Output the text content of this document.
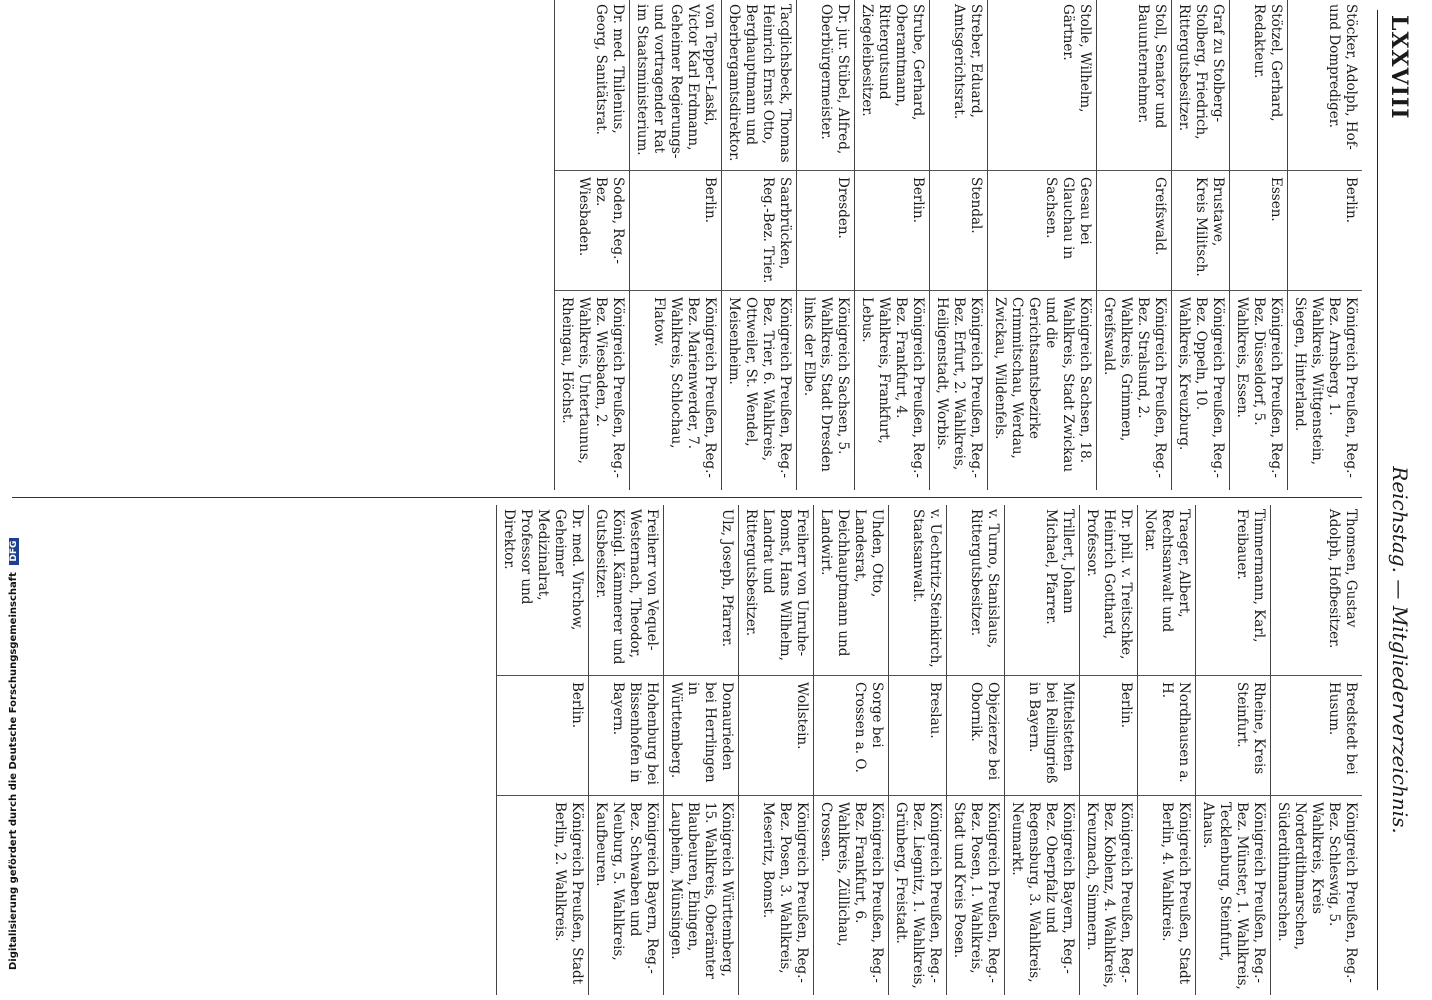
LXXVIII
Reichstag. — Mitgliederverzeichnis.
Stöcker, Adolph, Hof- und Domprediger.
Berlin.
Königreich Preußen, Reg.-Bez. Arnsberg, 1. Wahlkreis, Wittgenstein, Siegen, Hinterland.
Stötzel, Gerhard, Redakteur.
Essen.
Königreich Preußen, Reg.-Bez. Düsseldorf, 5. Wahlkreis, Essen.
Graf zu Stolberg-Stolberg, Friedrich, Rittergutsbesitzer.
Brustawe, Kreis Militsch.
Königreich Preußen, Reg.-Bez. Oppeln, 10. Wahlkreis, Kreuzburg.
Stoll, Senator und Bauunternehmer.
Greifswald.
Königreich Preußen, Reg.-Bez. Stralsund, 2. Wahlkreis, Grimmen, Greifswald.
Stolle, Wilhelm, Gärtner.
Gesau bei Glauchau in Sachsen.
Königreich Sachsen, 18. Wahlkreis, Stadt Zwickau und die Gerichtsamtsbezirke Crimmitschau, Werdau, Zwickau, Wildenfels.
Streber, Eduard, Amtsgerichtsrat.
Stendal.
Königreich Preußen, Reg.-Bez. Erfurt, 2. Wahlkreis, Heiligenstadt, Worbis.
Strube, Gerhard, Oberamtmann, Rittergutsund Ziegeleibesitzer.
Berlin.
Königreich Preußen, Reg.-Bez. Frankfurt, 4. Wahlkreis, Frankfurt, Lebus.
Dr. jur. Stübel, Alfred, Oberbürgermeister.
Dresden.
Königreich Sachsen, 5. Wahlkreis, Stadt Dresden links der Elbe.
Tacglichsbeck, Thomas Heinrich Ernst Otto, Berghauptmann und Oberbergamtsdirektor.
Saarbrücken, Reg.-Bez. Trier.
Königreich Preußen, Reg.-Bez. Trier, 6. Wahlkreis, Ottweiler, St. Wendel, Meisenheim.
von Tepper-Laski, Victor Karl Erdmann, Geheimer Regierungs- und vortragender Rat im Staatsministerium.
Berlin.
Königreich Preußen, Reg.-Bez. Marienwerder, 7. Wahlkreis, Schlochau, Flatow.
Dr. med. Thilenius, Georg, Sanitätsrat.
Soden, Reg.-Bez. Wiesbaden.
Königreich Preußen, Reg.-Bez. Wiesbaden, 2. Wahlkreis, Untertaunus, Rheingau, Höchst.
Thomsen, Gustav Adolph, Hofbesitzer.
Bredstedt bei Husum.
Königreich Preußen, Reg.-Bez. Schleswig, 5. Wahlkreis, Kreis Norderdithmarschen, Süderdithmarschen.
Timmermann, Karl, Freibauer.
Rheine, Kreis Steinfurt.
Königreich Preußen, Reg.-Bez. Münster, 1. Wahlkreis, Tecklenburg, Steinfurt, Ahaus.
Traeger, Albert, Rechtsanwalt und Notar.
Nordhausen a. H.
Königreich Preußen, Stadt Berlin, 4. Wahlkreis.
Dr. phil. v. Treitschke, Heinrich Gotthard, Professor.
Berlin.
Königreich Preußen, Reg.-Bez. Koblenz, 4. Wahlkreis, Kreuznach, Simmern.
Trillert, Johann Michael, Pfarrer.
Mittelstetten bei Reilingrieß in Bayern.
Königreich Bayern, Reg.-Bez. Oberpfalz und Regensburg, 3. Wahlkreis, Neumarkt.
v. Turno, Stanislaus, Rittergutsbesitzer.
Objezierze bei Obornik.
Königreich Preußen, Reg.-Bez. Posen, 1. Wahlkreis, Stadt und Kreis Posen.
v. Uechtritz-Steinkirch, Staatsanwalt.
Breslau.
Königreich Preußen, Reg.-Bez. Liegnitz, 1. Wahlkreis, Grünberg, Freistadt.
Uhden, Otto, Landesrat, Deichhauptmann und Landwirt.
Sorge bei Crossen a. O.
Königreich Preußen, Reg.-Bez. Frankfurt, 6. Wahlkreis, Züllichau, Crossen.
Freiherr von Unruhe-Bomst, Hans Wilhelm, Landrat und Rittergutsbesitzer.
Wollstein.
Königreich Preußen, Reg.-Bez. Posen, 3. Wahlkreis, Meseritz, Bomst.
Ulz, Joseph, Pfarrer.
Donaurieden bei Herrlingen in Württemberg.
Königreich Württemberg, 15. Wahlkreis, Oberämter Blaubeuren, Ehingen, Laupheim, Münsingen.
Freiherr von Vequel-Westernach, Theodor, Königl. Kämmerer und Gutsbesitzer.
Hohenburg bei Bissenhofen in Bayern.
Königreich Bayern, Reg.-Bez. Schwaben und Neuburg, 5. Wahlkreis, Kaufbeuren.
Dr. med. Virchow, Geheimer Medizinalrat, Professor und Direktor.
Berlin.
Königreich Preußen, Stadt Berlin, 2. Wahlkreis.
Digitalisierung gefördert durch die Deutsche Forschungsgemeinschaft DFG
